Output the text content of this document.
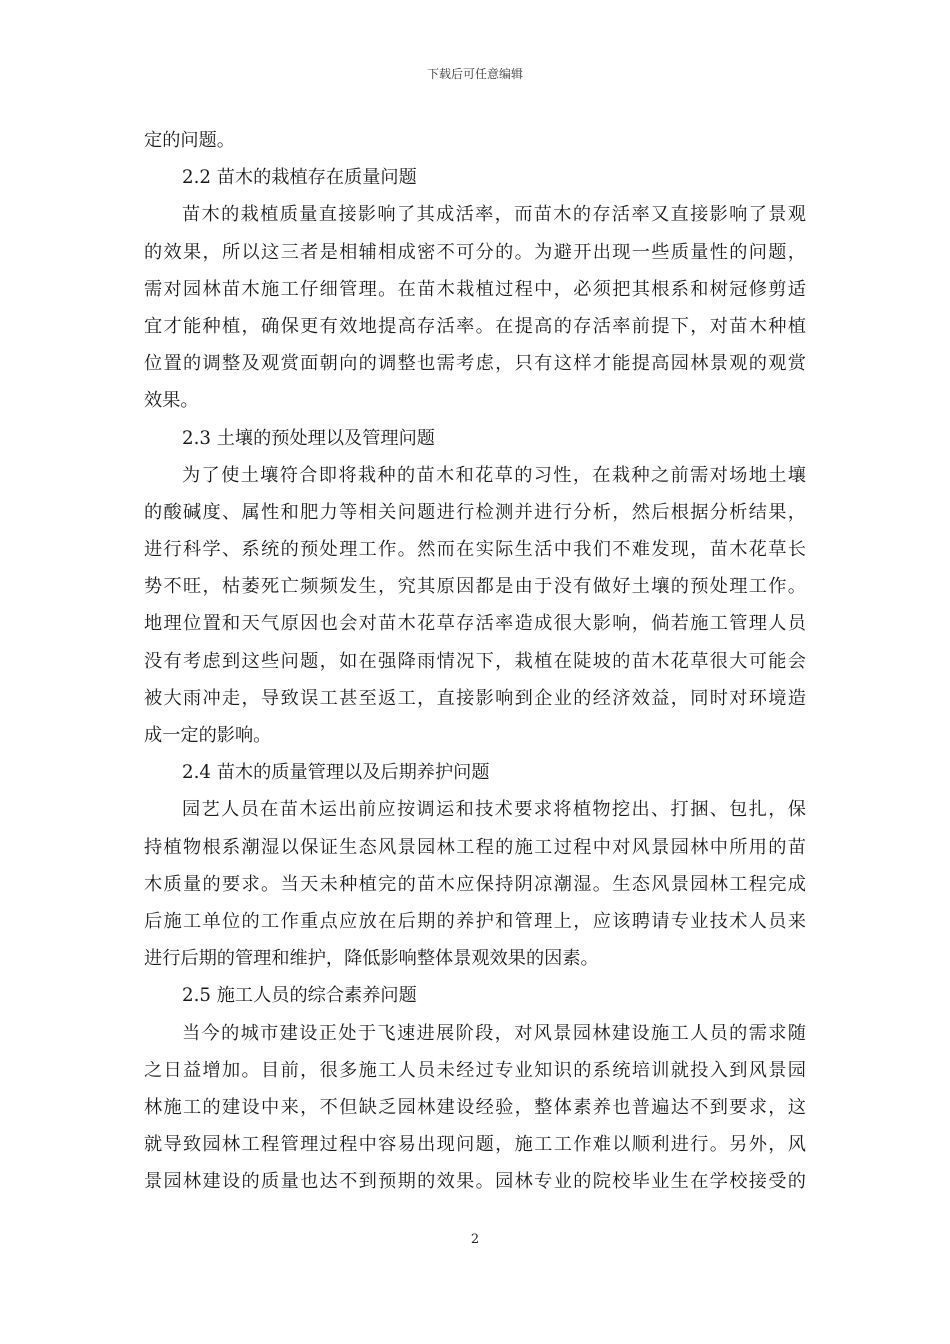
下载后可任意编辑
定的问题。
2.2 苗木的栽植存在质量问题
苗木的栽植质量直接影响了其成活率，而苗木的存活率又直接影响了景观
的效果，所以这三者是相辅相成密不可分的。为避开出现一些质量性的问题，
需对园林苗木施工仔细管理。在苗木栽植过程中，必须把其根系和树冠修剪适
宜才能种植，确保更有效地提高存活率。在提高的存活率前提下，对苗木种植
位置的调整及观赏面朝向的调整也需考虑，只有这样才能提高园林景观的观赏
效果。
2.3 土壤的预处理以及管理问题
为了使土壤符合即将栽种的苗木和花草的习性，在栽种之前需对场地土壤
的酸碱度、属性和肥力等相关问题进行检测并进行分析，然后根据分析结果，
进行科学、系统的预处理工作。然而在实际生活中我们不难发现，苗木花草长
势不旺，枯萎死亡频频发生，究其原因都是由于没有做好土壤的预处理工作。
地理位置和天气原因也会对苗木花草存活率造成很大影响，倘若施工管理人员
没有考虑到这些问题，如在强降雨情况下，栽植在陡坡的苗木花草很大可能会
被大雨冲走，导致误工甚至返工，直接影响到企业的经济效益，同时对环境造
成一定的影响。
2.4 苗木的质量管理以及后期养护问题
园艺人员在苗木运出前应按调运和技术要求将植物挖出、打捆、包扎，保
持植物根系潮湿以保证生态风景园林工程的施工过程中对风景园林中所用的苗
木质量的要求。当天未种植完的苗木应保持阴凉潮湿。生态风景园林工程完成
后施工单位的工作重点应放在后期的养护和管理上，应该聘请专业技术人员来
进行后期的管理和维护，降低影响整体景观效果的因素。
2.5 施工人员的综合素养问题
当今的城市建设正处于飞速进展阶段，对风景园林建设施工人员的需求随
之日益增加。目前，很多施工人员未经过专业知识的系统培训就投入到风景园
林施工的建设中来，不但缺乏园林建设经验，整体素养也普遍达不到要求，这
就导致园林工程管理过程中容易出现问题，施工工作难以顺利进行。另外，风
景园林建设的质量也达不到预期的效果。园林专业的院校毕业生在学校接受的
2
